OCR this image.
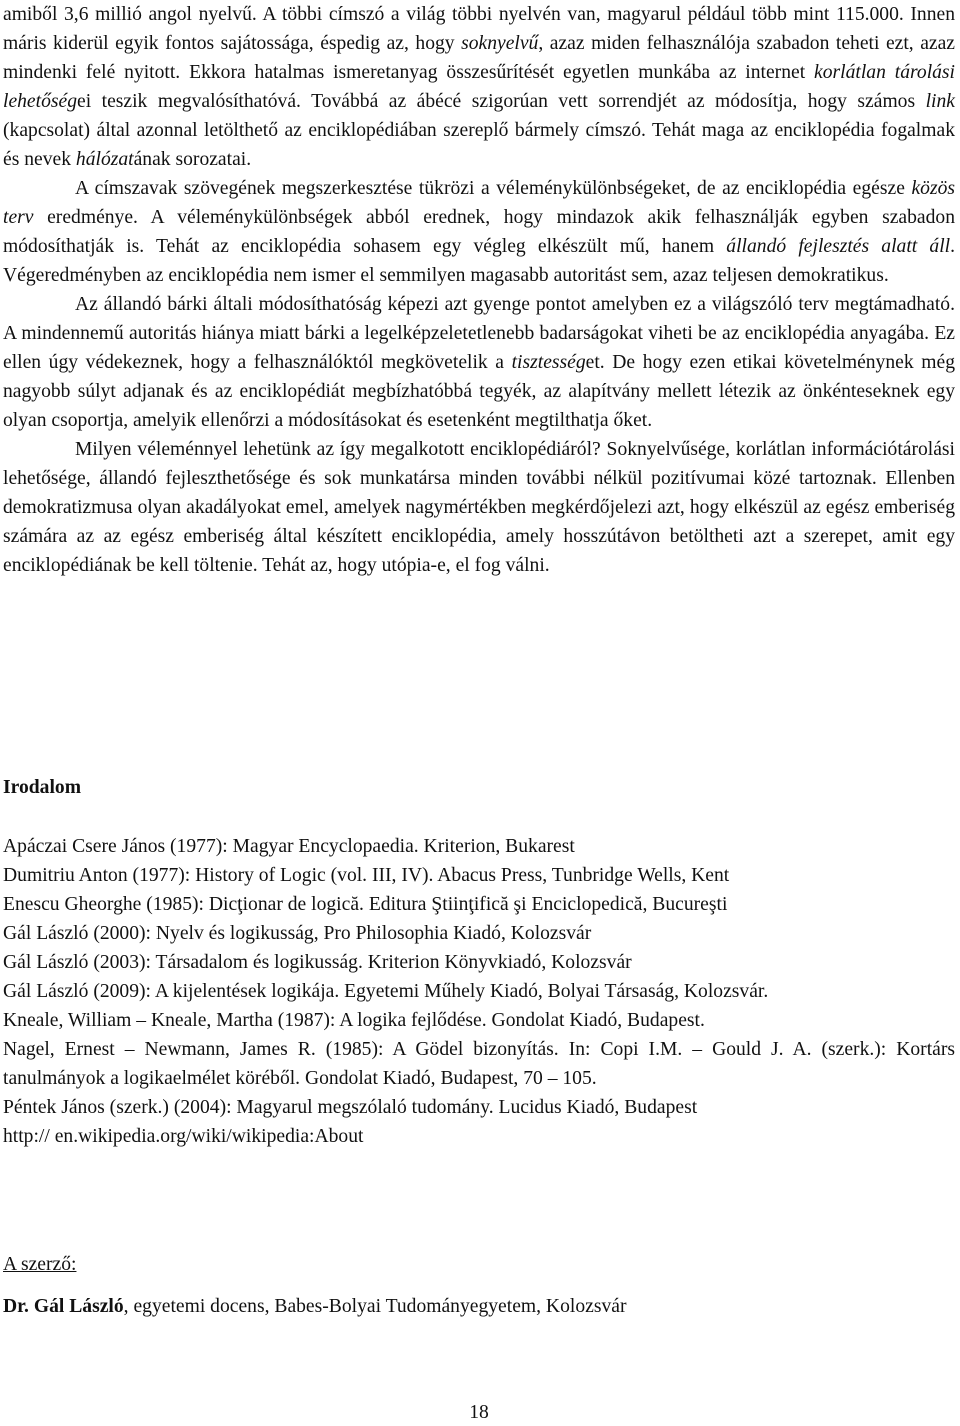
amiből 3,6 millió angol nyelvű. A többi címszó a világ többi nyelvén van, magyarul például több mint 115.000. Innen máris kiderül egyik fontos sajátossága, éspedig az, hogy soknyelvű, azaz miden felhasználója szabadon teheti ezt, azaz mindenki felé nyitott. Ekkora hatalmas ismeretanyag összesűrítését egyetlen munkába az internet korlátlan tárolási lehetőségei teszik megvalósíthatóvá. Továbbá az ábécé szigorúan vett sorrendjét az módosítja, hogy számos link (kapcsolat) által azonnal letölthető az enciklopédiában szereplő bármely címszó. Tehát maga az enciklopédia fogalmak és nevek hálózatának sorozatai.

A címszavak szövegének megszerkesztése tükrözi a véleménykülönbségeket, de az enciklopédia egésze közös terv eredménye. A véleménykülönbségek abból erednek, hogy mindazok akik felhasználják egyben szabadon módosíthatják is. Tehát az enciklopédia sohasem egy végleg elkészült mű, hanem állandó fejlesztés alatt áll. Végeredményben az enciklopédia nem ismer el semmilyen magasabb autoritást sem, azaz teljesen demokratikus.

Az állandó bárki általi módosíthatóság képezi azt gyenge pontot amelyben ez a világszóló terv megtámadható. A mindennemű autoritás hiánya miatt bárki a legelképzeletetlenebb badarságokat viheti be az enciklopédia anyagába. Ez ellen úgy védekeznek, hogy a felhasználóktól megkövetelik a tisztességet. De hogy ezen etikai követelménynek még nagyobb súlyt adjanak és az enciklopédiát megbízhatóbbá tegyék, az alapítvány mellett létezik az önkénteseknek egy olyan csoportja, amelyik ellenőrzi a módosításokat és esetenként megtilthatja őket.

Milyen véleménnyel lehetünk az így megalkotott enciklopédiáról? Soknyelvűsége, korlátlan információtárolási lehetősége, állandó fejleszthetősége és sok munkatársa minden további nélkül pozitívumai közé tartoznak. Ellenben demokratizmusa olyan akadályokat emel, amelyek nagymértékben megkérdőjelezi azt, hogy elkészül az egész emberiség számára az az egész emberiség által készített enciklopédia, amely hosszútávon betöltheti azt a szerepet, amit egy enciklopédiának be kell töltenie. Tehát az, hogy utópia-e, el fog válni.

Irodalom

Apáczai Csere János (1977): Magyar Encyclopaedia. Kriterion, Bukarest

Dumitriu Anton (1977): History of Logic (vol. III, IV). Abacus Press, Tunbridge Wells, Kent

Enescu Gheorghe (1985): Dicţionar de logică. Editura Ştiinţifică şi Enciclopedică, Bucureşti

Gál László (2000): Nyelv és logikusság, Pro Philosophia Kiadó, Kolozsvár

Gál László (2003): Társadalom és logikusság. Kriterion Könyvkiadó, Kolozsvár

Gál László (2009): A kijelentések logikája. Egyetemi Műhely Kiadó, Bolyai Társaság, Kolozsvár.

Kneale, William – Kneale, Martha (1987): A logika fejlődése. Gondolat Kiadó, Budapest.

Nagel, Ernest – Newmann, James R. (1985): A Gödel bizonyítás. In: Copi I.M. – Gould J. A. (szerk.): Kortárs tanulmányok a logikaelmélet köréből. Gondolat Kiadó, Budapest, 70 – 105.

Péntek János (szerk.) (2004): Magyarul megszólaló tudomány. Lucidus Kiadó, Budapest

http:// en.wikipedia.org/wiki/wikipedia:About

A szerző:

Dr. Gál László, egyetemi docens, Babes-Bolyai Tudományegyetem, Kolozsvár

18
